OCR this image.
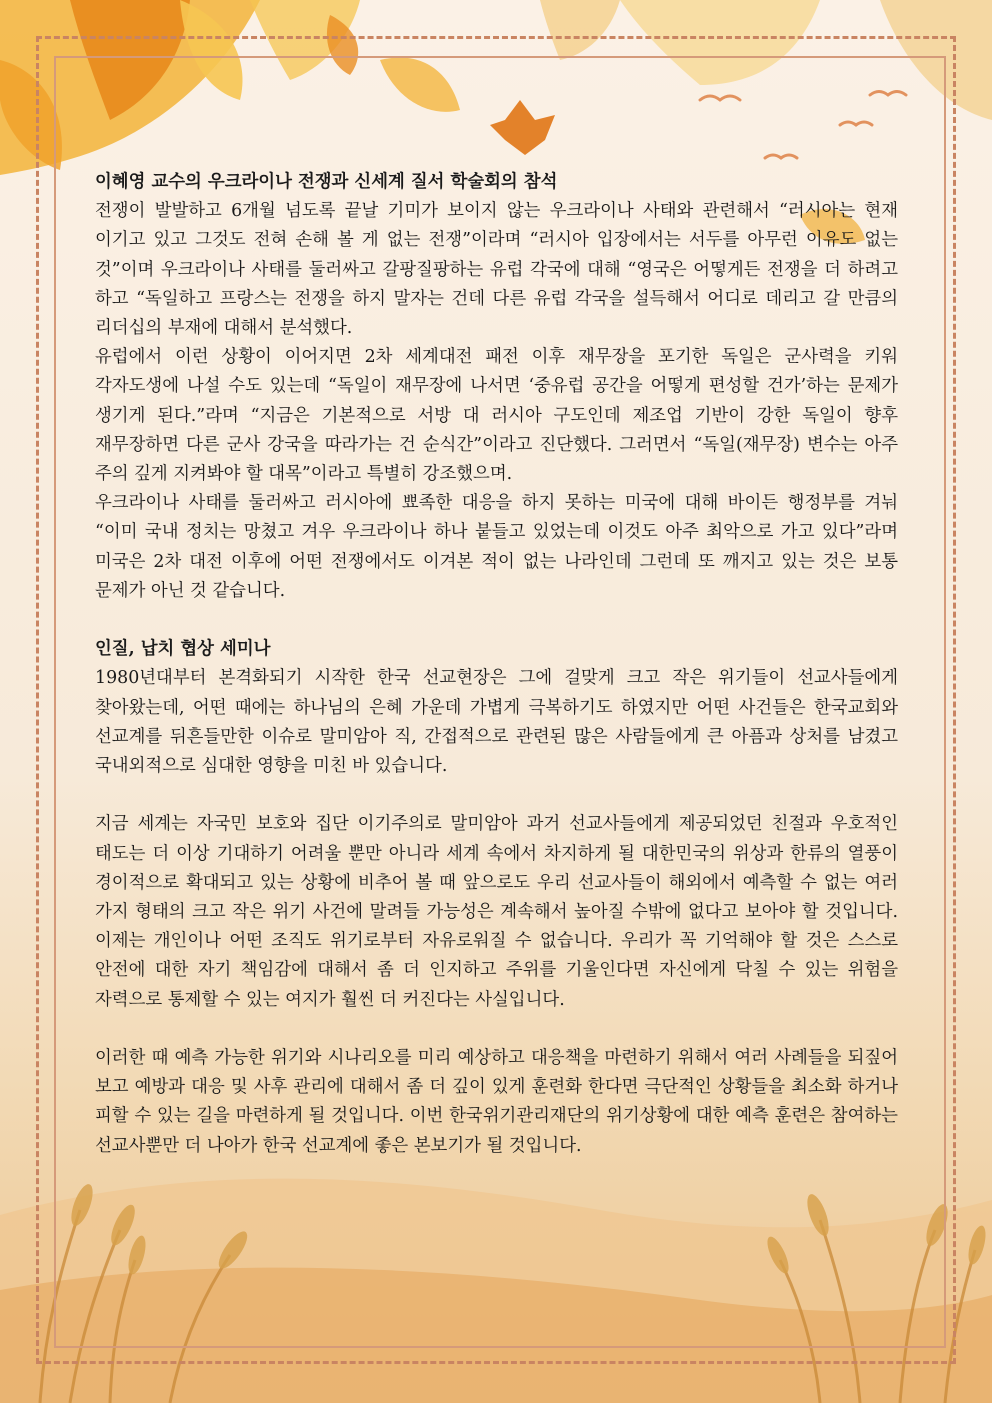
이혜영 교수의 우크라이나 전쟁과 신세계 질서 학술회의 참석

전쟁이 발발하고 6개월 넘도록 끝날 기미가 보이지 않는 우크라이나 사태와 관련해서 “러시아는 현재 이기고 있고 그것도 전혀 손해 볼 게 없는 전쟁”이라며 “러시아 입장에서는 서두를 아무런 이유도 없는 것”이며 우크라이나 사태를 둘러싸고 갈팡질팡하는 유럽 각국에 대해 “영국은 어떻게든 전쟁을 더 하려고 하고 “독일하고 프랑스는 전쟁을 하지 말자는 건데 다른 유럽 각국을 설득해서 어디로 데리고 갈 만큼의 리더십의 부재에 대해서 분석했다.

유럽에서 이런 상황이 이어지면 2차 세계대전 패전 이후 재무장을 포기한 독일은 군사력을 키워 각자도생에 나설 수도 있는데 “독일이 재무장에 나서면 ‘중유럽 공간을 어떻게 편성할 건가’하는 문제가 생기게 된다.”라며 “지금은 기본적으로 서방 대 러시아 구도인데 제조업 기반이 강한 독일이 향후 재무장하면 다른 군사 강국을 따라가는 건 순식간”이라고 진단했다. 그러면서 “독일(재무장) 변수는 아주 주의 깊게 지켜봐야 할 대목”이라고 특별히 강조했으며.

우크라이나 사태를 둘러싸고 러시아에 뾰족한 대응을 하지 못하는 미국에 대해 바이든 행정부를 겨눠 “이미 국내 정치는 망쳤고 겨우 우크라이나 하나 붙들고 있었는데 이것도 아주 최악으로 가고 있다”라며 미국은 2차 대전 이후에 어떤 전쟁에서도 이겨본 적이 없는 나라인데 그런데 또 깨지고 있는 것은 보통 문제가 아닌 것 같습니다.

인질, 납치 협상 세미나

1980년대부터 본격화되기 시작한 한국 선교현장은 그에 걸맞게 크고 작은 위기들이 선교사들에게 찾아왔는데, 어떤 때에는 하나님의 은혜 가운데 가볍게 극복하기도 하였지만 어떤 사건들은 한국교회와 선교계를 뒤흔들만한 이슈로 말미암아 직, 간접적으로 관련된 많은 사람들에게 큰 아픔과 상처를 남겼고 국내외적으로 심대한 영향을 미친 바 있습니다.

지금 세계는 자국민 보호와 집단 이기주의로 말미암아 과거 선교사들에게 제공되었던 친절과 우호적인 태도는 더 이상 기대하기 어려울 뿐만 아니라 세계 속에서 차지하게 될 대한민국의 위상과 한류의 열풍이 경이적으로 확대되고 있는 상황에 비추어 볼 때 앞으로도 우리 선교사들이 해외에서 예측할 수 없는 여러 가지 형태의 크고 작은 위기 사건에 말려들 가능성은 계속해서 높아질 수밖에 없다고 보아야 할 것입니다. 이제는 개인이나 어떤 조직도 위기로부터 자유로워질 수 없습니다. 우리가 꼭 기억해야 할 것은 스스로 안전에 대한 자기 책임감에 대해서 좀 더 인지하고 주위를 기울인다면 자신에게 닥칠 수 있는 위험을 자력으로 통제할 수 있는 여지가 훨씬 더 커진다는 사실입니다.

이러한 때 예측 가능한 위기와 시나리오를 미리 예상하고 대응책을 마련하기 위해서 여러 사례들을 되짚어 보고 예방과 대응 및 사후 관리에 대해서 좀 더 깊이 있게 훈련화 한다면 극단적인 상황들을 최소화 하거나 피할 수 있는 길을 마련하게 될 것입니다. 이번 한국위기관리재단의 위기상황에 대한 예측 훈련은 참여하는 선교사뿐만 더 나아가 한국 선교계에 좋은 본보기가 될 것입니다.
